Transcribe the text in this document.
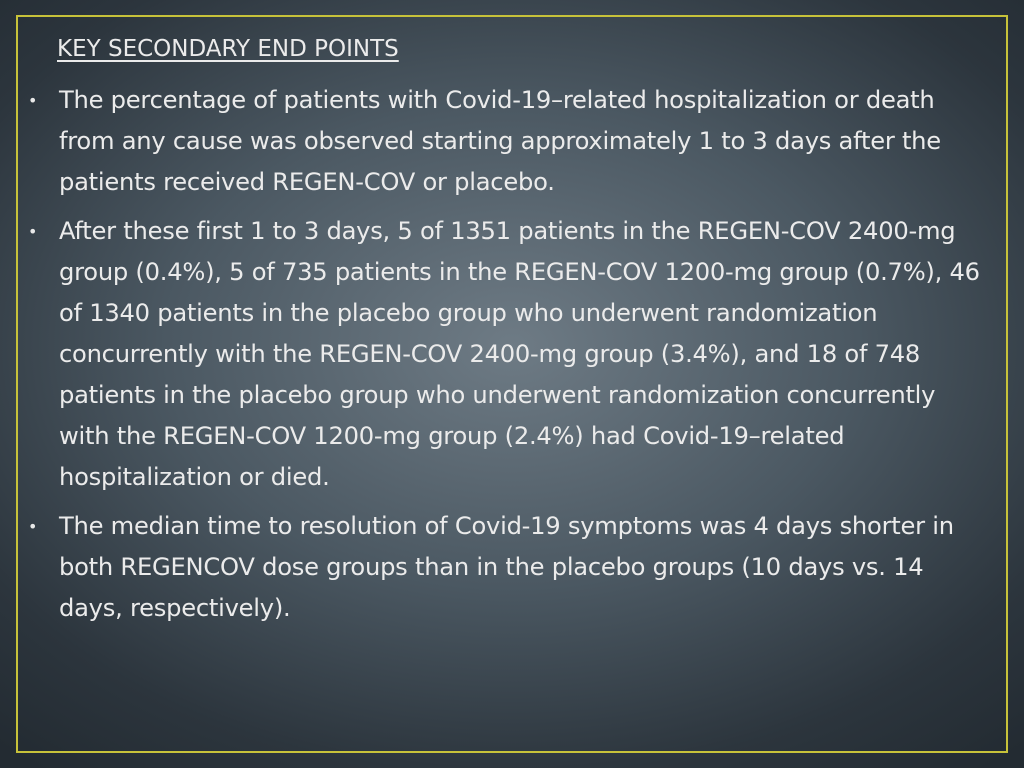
KEY SECONDARY END POINTS
• The percentage of patients with Covid-19–related hospitalization or death from any cause was observed starting approximately 1 to 3 days after the patients received REGEN-COV or placebo.
• After these first 1 to 3 days, 5 of 1351 patients in the REGEN-COV 2400-mg group (0.4%), 5 of 735 patients in the REGEN-COV 1200-mg group (0.7%), 46 of 1340 patients in the placebo group who underwent randomization concurrently with the REGEN-COV 2400-mg group (3.4%), and 18 of 748 patients in the placebo group who underwent randomization concurrently with the REGEN-COV 1200-mg group (2.4%) had Covid-19–related hospitalization or died.
• The median time to resolution of Covid-19 symptoms was 4 days shorter in both REGENCOV dose groups than in the placebo groups (10 days vs. 14 days, respectively).
